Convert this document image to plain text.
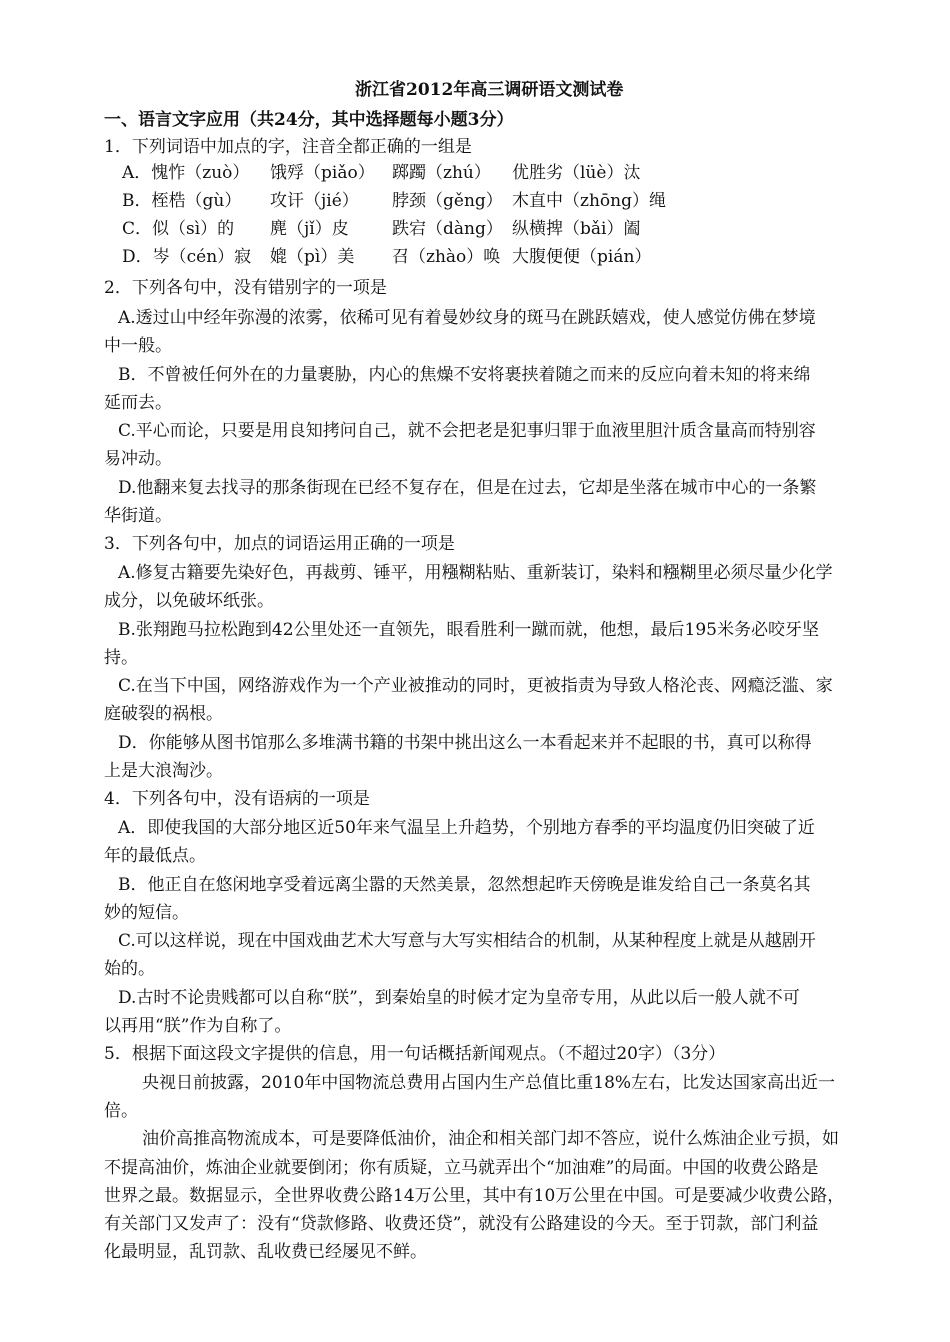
浙江省2012年高三调研语文测试卷
一、语言文字应用（共24分，其中选择题每小题3分）
1．下列词语中加点的字，注音全都正确的一组是
A．愧怍（zuò） 饿殍（piǎo） 踯躅（zhú） 优胜劣（lüè）汰
B．桎梏（gù） 攻讦（jié） 脖颈（gěng） 木直中（zhōng）绳
C．似（sì）的 麂（jǐ）皮	跌宕（dàng） 纵横捭（bǎi）阖
D．岑（cén）寂 媲（pì）美 召（zhào）唤 大腹便便（pián）
2．下列各句中，没有错别字的一项是
A.透过山中经年弥漫的浓雾，依稀可见有着曼妙纹身的斑马在跳跃嬉戏，使人感觉仿佛在梦境
中一般。
B．不曾被任何外在的力量裹胁，内心的焦燥不安将裹挟着随之而来的反应向着未知的将来绵
延而去。
C.平心而论，只要是用良知拷问自己，就不会把老是犯事归罪于血液里胆汁质含量高而特别容
易冲动。
D.他翻来复去找寻的那条街现在已经不复存在，但是在过去，它却是坐落在城市中心的一条繁
华街道。
3．下列各句中，加点的词语运用正确的一项是
A.修复古籍要先染好色，再裁剪、锤平，用糨糊粘贴、重新装订，染料和糨糊里必须尽量少化学
成分，以免破坏纸张。
B.张翔跑马拉松跑到42公里处还一直领先，眼看胜利一蹴而就，他想，最后195米务必咬牙坚
持。
C.在当下中国，网络游戏作为一个产业被推动的同时，更被指责为导致人格沦丧、网瘾泛滥、家
庭破裂的祸根。
D．你能够从图书馆那么多堆满书籍的书架中挑出这么一本看起来并不起眼的书，真可以称得
上是大浪淘沙。
4．下列各句中，没有语病的一项是
A．即使我国的大部分地区近50年来气温呈上升趋势，个别地方春季的平均温度仍旧突破了近
年的最低点。
B．他正自在悠闲地享受着远离尘嚣的天然美景，忽然想起昨天傍晚是谁发给自己一条莫名其
妙的短信。
C.可以这样说，现在中国戏曲艺术大写意与大写实相结合的机制，从某种程度上就是从越剧开
始的。
D.古时不论贵贱都可以自称“朕”，到秦始皇的时候才定为皇帝专用，从此以后一般人就不可
以再用“朕”作为自称了。
5．根据下面这段文字提供的信息，用一句话概括新闻观点。（不超过20字）（3分）
央视日前披露，2010年中国物流总费用占国内生产总值比重18%左右，比发达国家高出近一
倍。
油价高推高物流成本，可是要降低油价，油企和相关部门却不答应，说什么炼油企业亏损，如
不提高油价，炼油企业就要倒闭；你有质疑，立马就弄出个“加油难”的局面。中国的收费公路是
世界之最。数据显示，全世界收费公路14万公里，其中有10万公里在中国。可是要减少收费公路，
有关部门又发声了：没有“贷款修路、收费还贷”，就没有公路建设的今天。至于罚款，部门利益
化最明显，乱罚款、乱收费已经屡见不鲜。
